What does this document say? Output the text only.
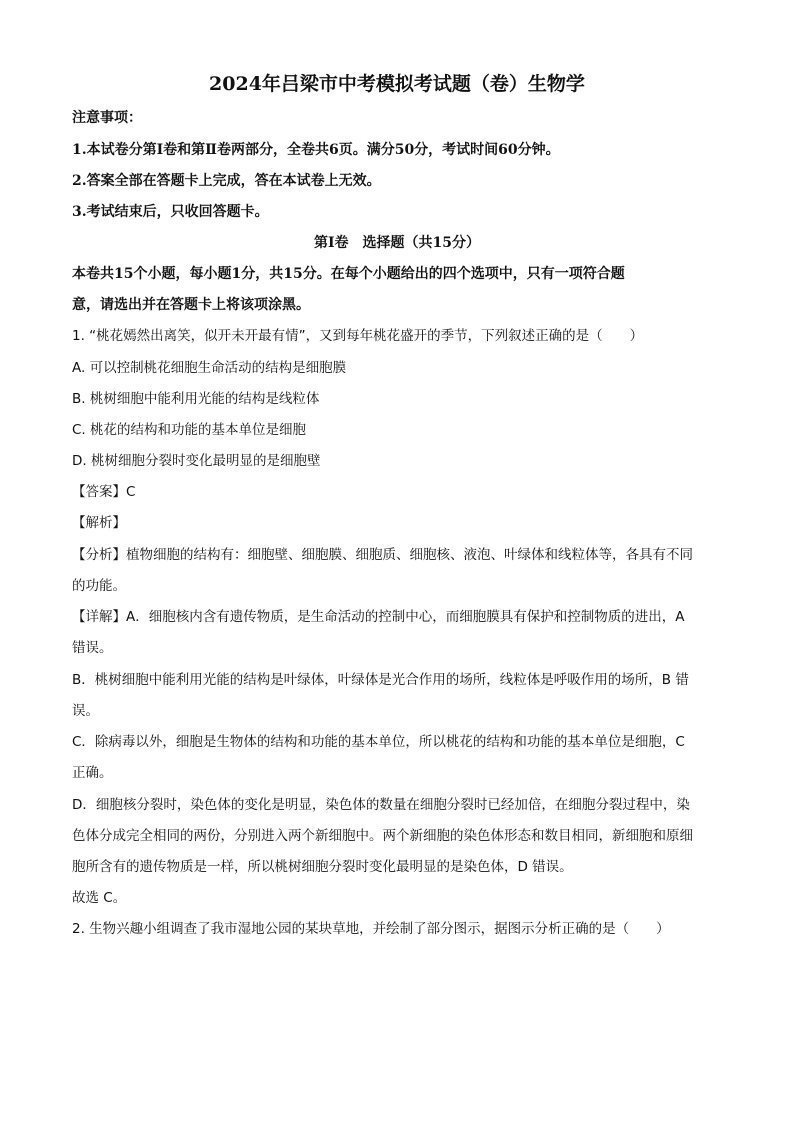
2024年吕梁市中考模拟考试题（卷）生物学
注意事项：
1.本试卷分第Ⅰ卷和第Ⅱ卷两部分，全卷共6页。满分50分，考试时间60分钟。
2.答案全部在答题卡上完成，答在本试卷上无效。
3.考试结束后，只收回答题卡。
第Ⅰ卷　选择题（共15分）
本卷共15个小题，每小题1分，共15分。在每个小题给出的四个选项中，只有一项符合题
意，请选出并在答题卡上将该项涂黑。
1. “桃花嫣然出离笑，似开未开最有情”，又到每年桃花盛开的季节，下列叙述正确的是（　　）
A. 可以控制桃花细胞生命活动的结构是细胞膜
B. 桃树细胞中能利用光能的结构是线粒体
C. 桃花的结构和功能的基本单位是细胞
D. 桃树细胞分裂时变化最明显的是细胞壁
【答案】C
【解析】
【分析】植物细胞的结构有：细胞壁、细胞膜、细胞质、细胞核、液泡、叶绿体和线粒体等，各具有不同
的功能。
【详解】A．细胞核内含有遗传物质，是生命活动的控制中心，而细胞膜具有保护和控制物质的进出，A
错误。
B．桃树细胞中能利用光能的结构是叶绿体，叶绿体是光合作用的场所，线粒体是呼吸作用的场所，B 错
误。
C．除病毒以外，细胞是生物体的结构和功能的基本单位，所以桃花的结构和功能的基本单位是细胞，C
正确。
D．细胞核分裂时，染色体的变化是明显，染色体的数量在细胞分裂时已经加倍，在细胞分裂过程中，染
色体分成完全相同的两份，分别进入两个新细胞中。两个新细胞的染色体形态和数目相同，新细胞和原细
胞所含有的遗传物质是一样，所以桃树细胞分裂时变化最明显的是染色体，D 错误。
故选 C。
2. 生物兴趣小组调查了我市湿地公园的某块草地，并绘制了部分图示，据图示分析正确的是（　　）
